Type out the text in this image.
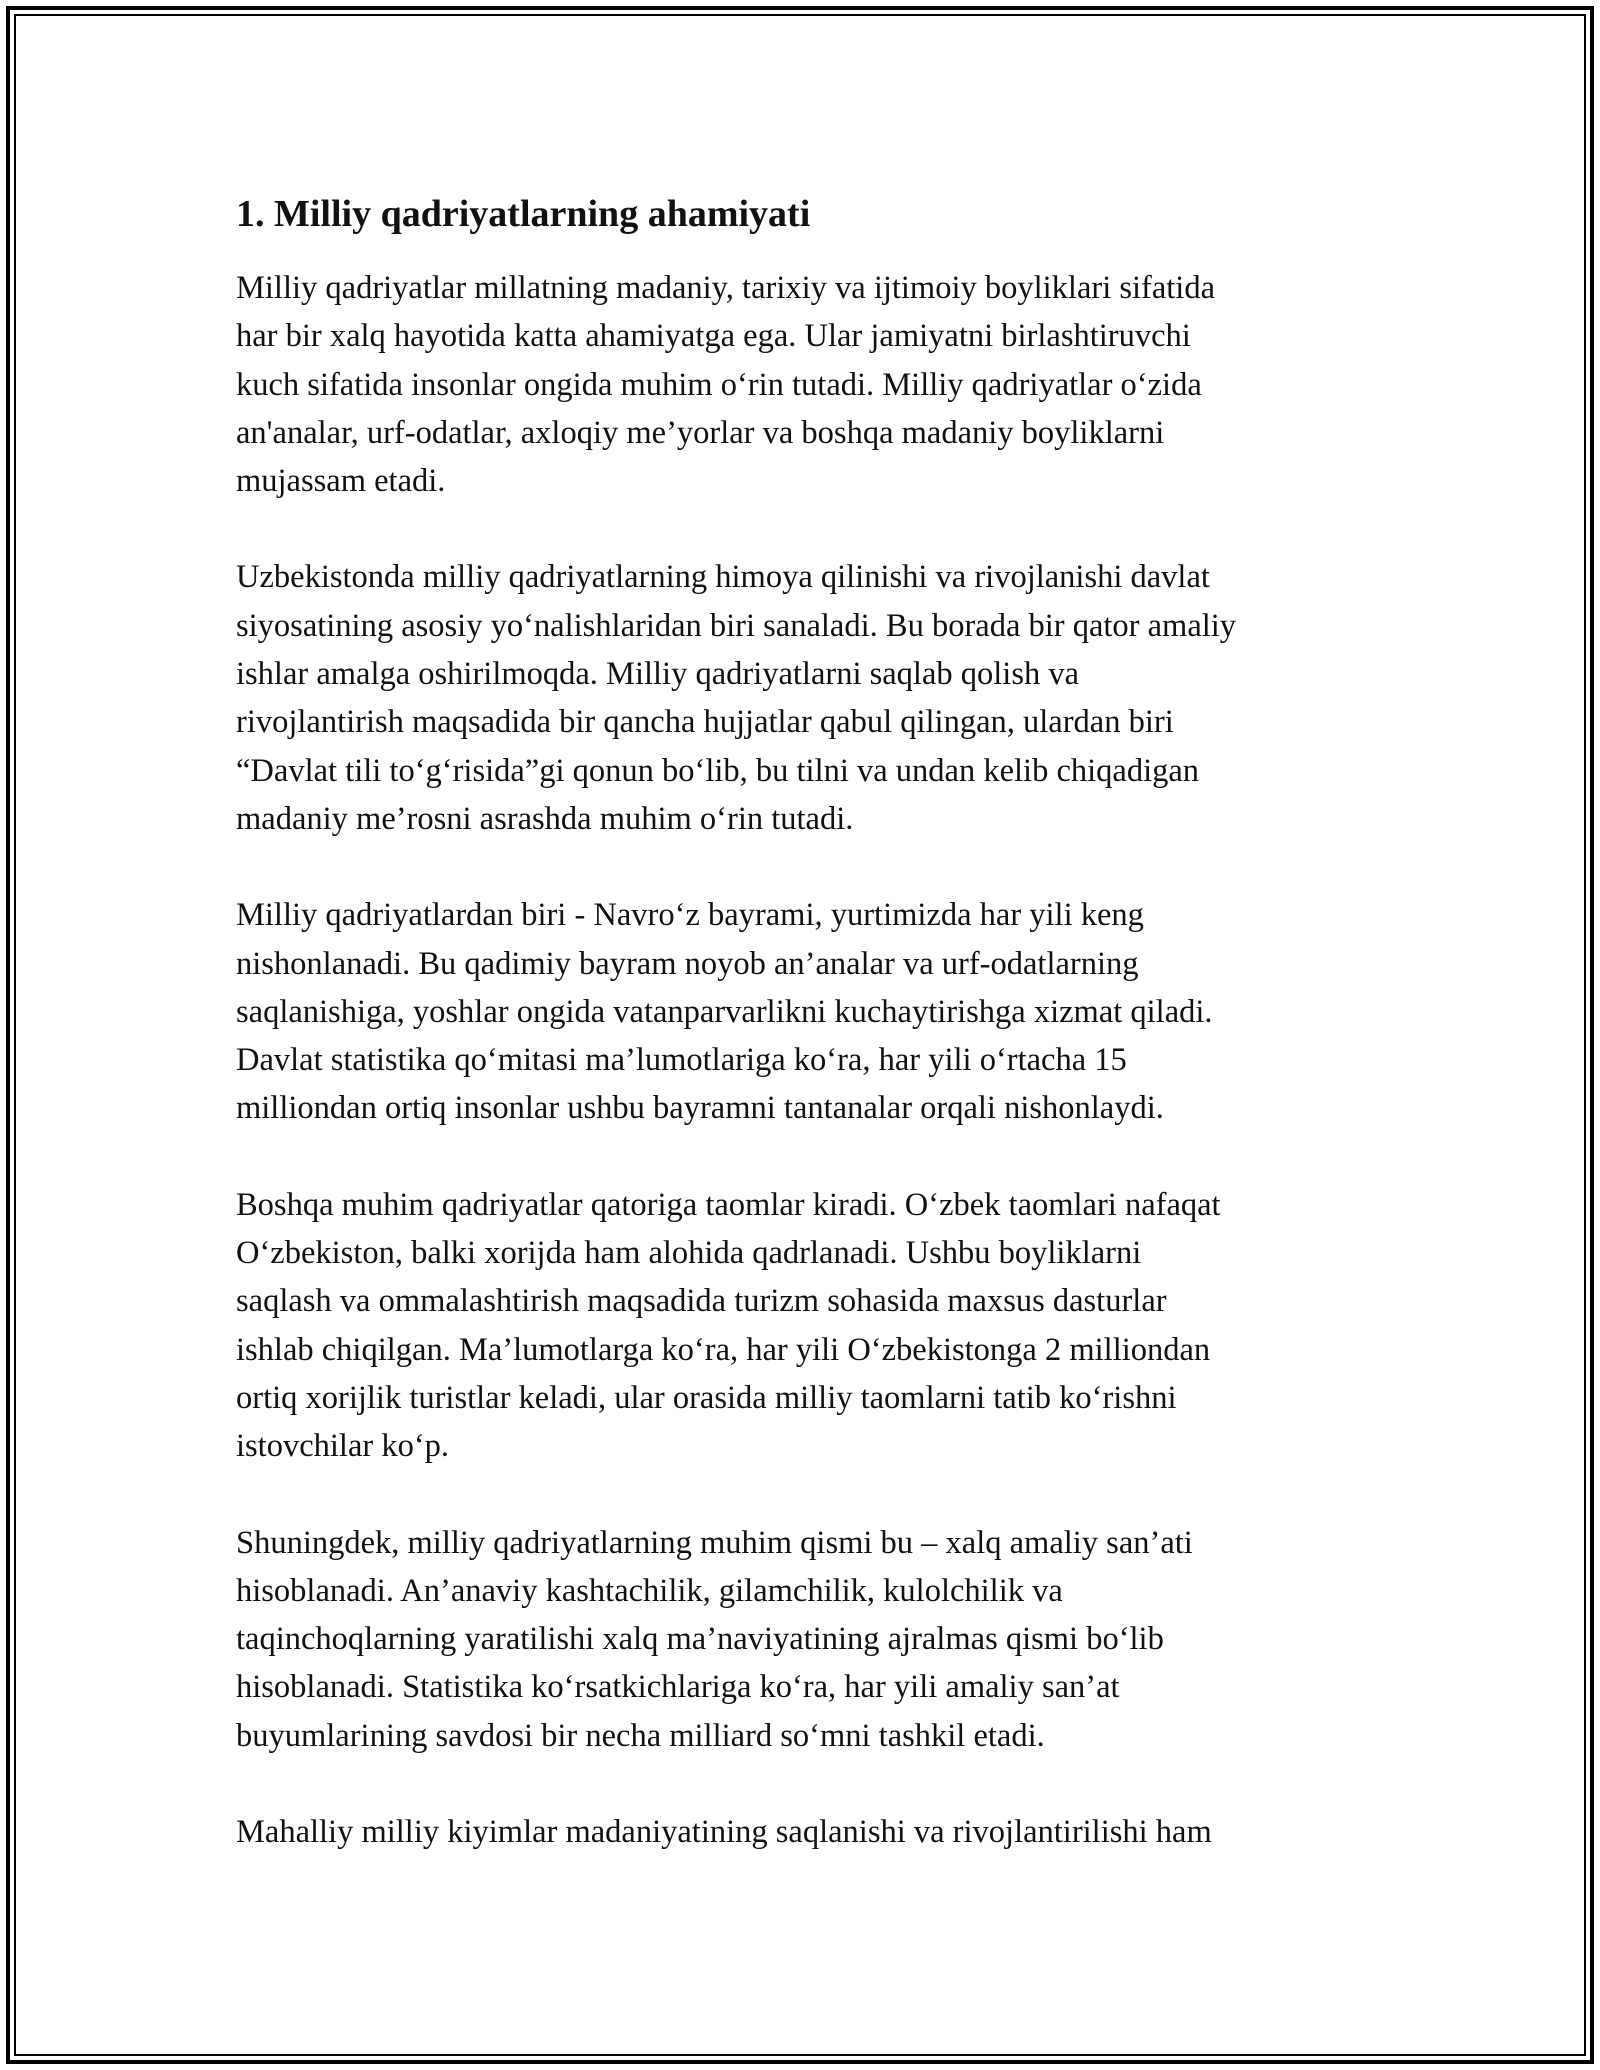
1. Milliy qadriyatlarning ahamiyati

Milliy qadriyatlar millatning madaniy, tarixiy va ijtimoiy boyliklari sifatida
har bir xalq hayotida katta ahamiyatga ega. Ular jamiyatni birlashtiruvchi
kuch sifatida insonlar ongida muhim o‘rin tutadi. Milliy qadriyatlar o‘zida
an'analar, urf-odatlar, axloqiy me’yorlar va boshqa madaniy boyliklarni
mujassam etadi.

Uzbekistonda milliy qadriyatlarning himoya qilinishi va rivojlanishi davlat
siyosatining asosiy yo‘nalishlaridan biri sanaladi. Bu borada bir qator amaliy
ishlar amalga oshirilmoqda. Milliy qadriyatlarni saqlab qolish va
rivojlantirish maqsadida bir qancha hujjatlar qabul qilingan, ulardan biri
“Davlat tili to‘g‘risida”gi qonun bo‘lib, bu tilni va undan kelib chiqadigan
madaniy me’rosni asrashda muhim o‘rin tutadi.

Milliy qadriyatlardan biri - Navro‘z bayrami, yurtimizda har yili keng
nishonlanadi. Bu qadimiy bayram noyob an’analar va urf-odatlarning
saqlanishiga, yoshlar ongida vatanparvarlikni kuchaytirishga xizmat qiladi.
Davlat statistika qo‘mitasi ma’lumotlariga ko‘ra, har yili o‘rtacha 15
milliondan ortiq insonlar ushbu bayramni tantanalar orqali nishonlaydi.

Boshqa muhim qadriyatlar qatoriga taomlar kiradi. O‘zbek taomlari nafaqat
O‘zbekiston, balki xorijda ham alohida qadrlanadi. Ushbu boyliklarni
saqlash va ommalashtirish maqsadida turizm sohasida maxsus dasturlar
ishlab chiqilgan. Ma’lumotlarga ko‘ra, har yili O‘zbekistonga 2 milliondan
ortiq xorijlik turistlar keladi, ular orasida milliy taomlarni tatib ko‘rishni
istovchilar ko‘p.

Shuningdek, milliy qadriyatlarning muhim qismi bu – xalq amaliy san’ati
hisoblanadi. An’anaviy kashtachilik, gilamchilik, kulolchilik va
taqinchoqlarning yaratilishi xalq ma’naviyatining ajralmas qismi bo‘lib
hisoblanadi. Statistika ko‘rsatkichlariga ko‘ra, har yili amaliy san’at
buyumlarining savdosi bir necha milliard so‘mni tashkil etadi.

Mahalliy milliy kiyimlar madaniyatining saqlanishi va rivojlantirilishi ham
